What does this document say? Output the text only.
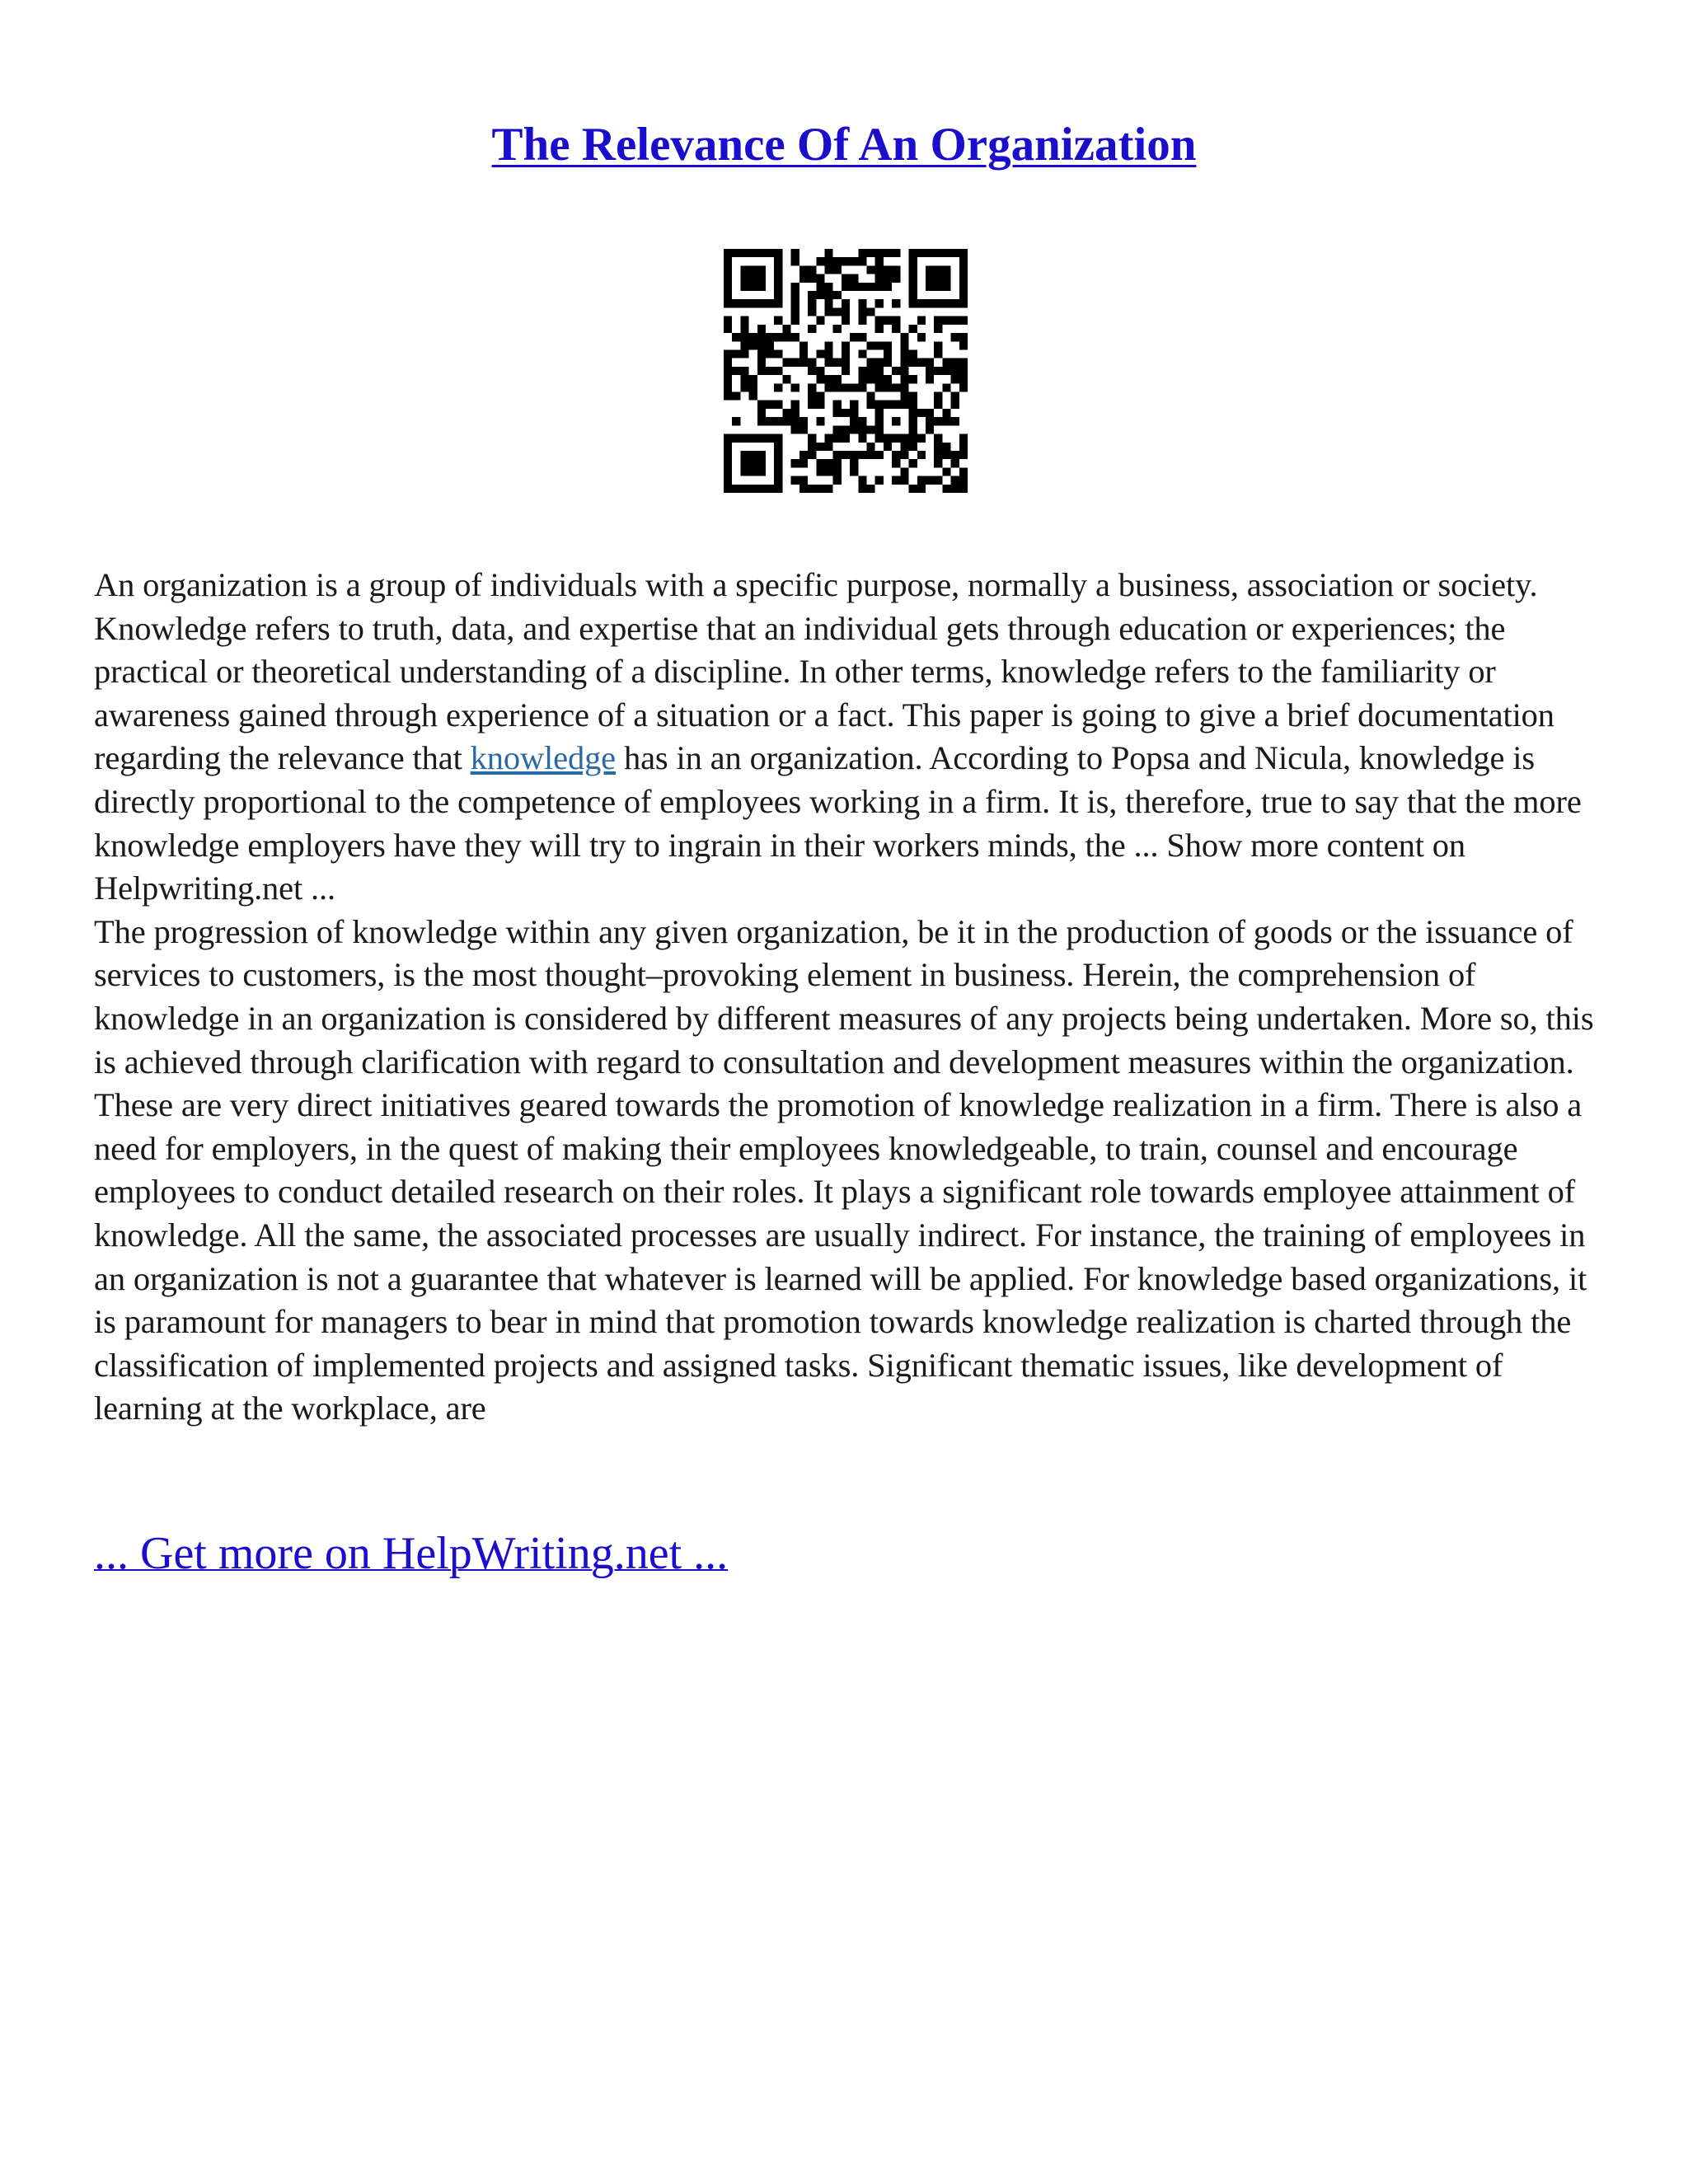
The Relevance Of An Organization

An organization is a group of individuals with a specific purpose, normally a business, association or society. Knowledge refers to truth, data, and expertise that an individual gets through education or experiences; the practical or theoretical understanding of a discipline. In other terms, knowledge refers to the familiarity or awareness gained through experience of a situation or a fact. This paper is going to give a brief documentation regarding the relevance that knowledge has in an organization. According to Popsa and Nicula, knowledge is directly proportional to the competence of employees working in a firm. It is, therefore, true to say that the more knowledge employers have they will try to ingrain in their workers minds, the ... Show more content on Helpwriting.net ...

The progression of knowledge within any given organization, be it in the production of goods or the issuance of services to customers, is the most thought–provoking element in business. Herein, the comprehension of knowledge in an organization is considered by different measures of any projects being undertaken. More so, this is achieved through clarification with regard to consultation and development measures within the organization. These are very direct initiatives geared towards the promotion of knowledge realization in a firm. There is also a need for employers, in the quest of making their employees knowledgeable, to train, counsel and encourage employees to conduct detailed research on their roles. It plays a significant role towards employee attainment of knowledge. All the same, the associated processes are usually indirect. For instance, the training of employees in an organization is not a guarantee that whatever is learned will be applied. For knowledge based organizations, it is paramount for managers to bear in mind that promotion towards knowledge realization is charted through the classification of implemented projects and assigned tasks. Significant thematic issues, like development of learning at the workplace, are

... Get more on HelpWriting.net ...
